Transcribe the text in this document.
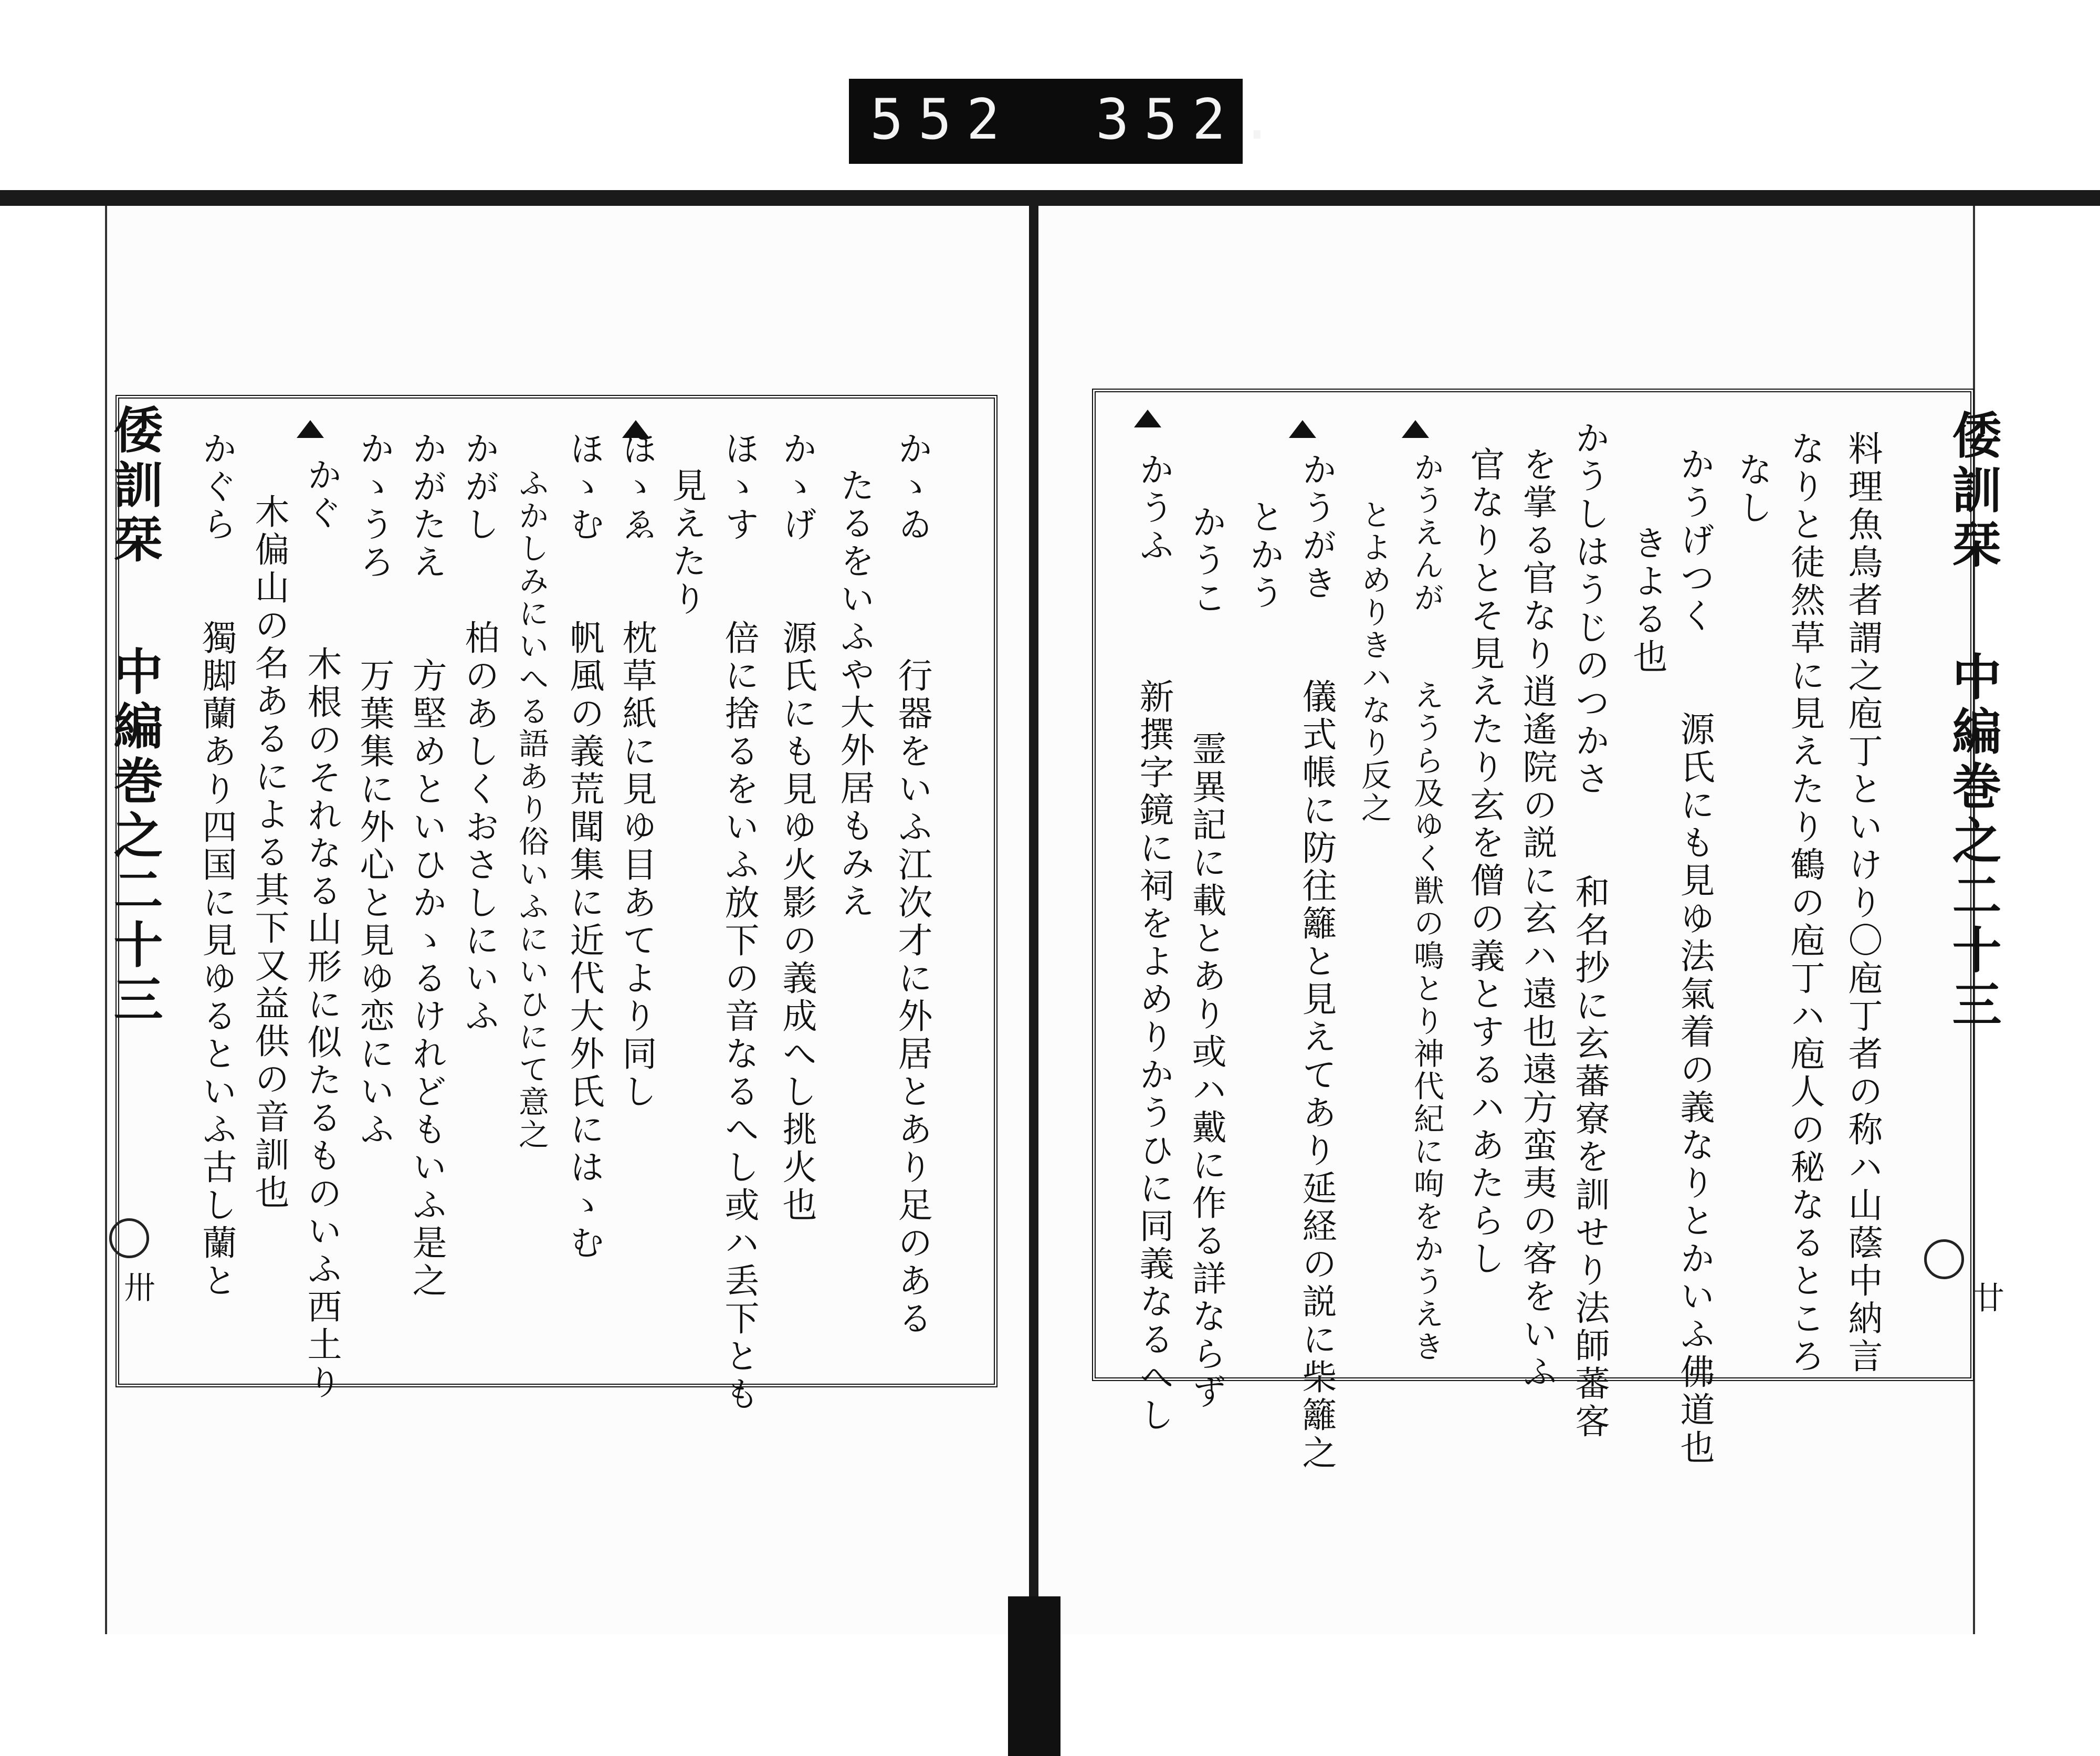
552 352.
倭訓栞
中編巻之二十三
卅	かゝゐ　　　行器をいふ江次才に外居とあり足のある
たるをいふや大外居もみえ
かゝげ　　源氏にも見ゆ火影の義成へし挑火也
ほゝす　　倍に捨るをいふ放下の音なるへし或ハ丢下とも
見えたり
ほゝゑ　　枕草紙に見ゆ目あてより同し
ほゝむ　　帆風の義荒聞集に近代大外氏にはゝむ
ふかしみにいへる語あり俗いふにいひにて意之
かがし　　柏のあしくおさしにいふ
かがたえ　　方堅めといひかゝるけれどもいふ是之
かゝうろ　　万葉集に外心と見ゆ恋にいふ
かぐ　　　木根のそれなる山形に似たるものいふ西土り
木偏山の名あるによる其下又益供の音訓也
かぐら　　獨脚蘭あり四国に見ゆるといふ古し蘭と	倭訓栞
中編巻之二十三
廿
料理魚鳥者謂之庖丁といけり〇庖丁者の称ハ山蔭中納言
なりと徒然草に見えたり鶴の庖丁ハ庖人の秘なるところ
なし
かうげつく　　源氏にも見ゆ法氣着の義なりとかいふ佛道也
きよる也
かうしはうじのつかさ　　和名抄に玄蕃寮を訓せり法師蕃客
を掌る官なり逍遙院の説に玄ハ遠也遠方蛮夷の客をいふ
官なりとそ見えたり玄を僧の義とするハあたらし
かうえんが　　えうら及ゆく獣の鳴とり神代紀に呴をかうえき
とよめりきハなり反之
かうがき　　儀式帳に防往籬と見えてあり延経の説に柴籬之
とかう
かうこ　　　霊異記に載とあり或ハ戴に作る詳ならず
かうふ　　　新撰字鏡に祠をよめりかうひに同義なるへし
